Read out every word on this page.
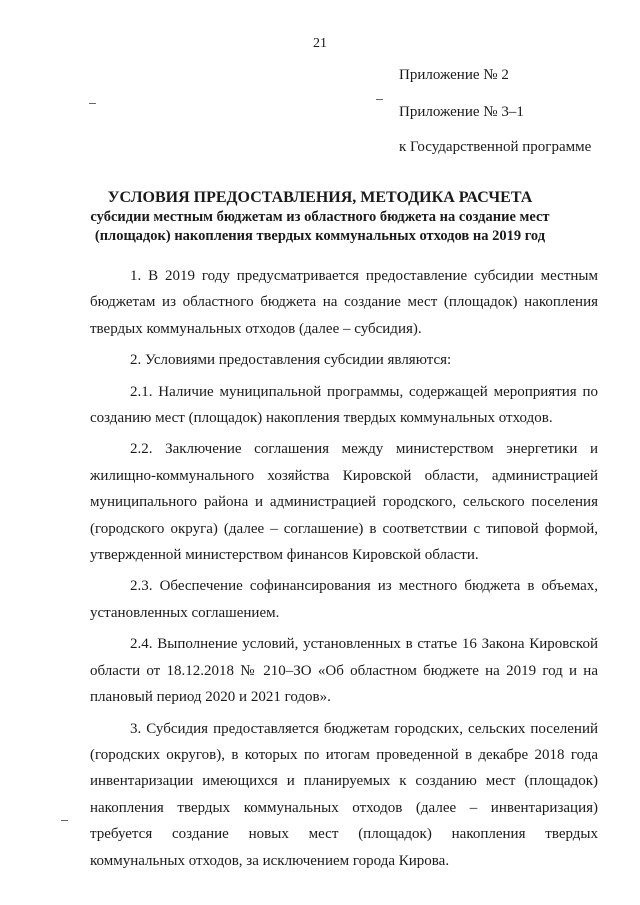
21
Приложение № 2
Приложение № 3–1
к Государственной программе
УСЛОВИЯ ПРЕДОСТАВЛЕНИЯ, МЕТОДИКА РАСЧЕТА
субсидии местным бюджетам из областного бюджета на создание мест
(площадок) накопления твердых коммунальных отходов на 2019 год

1. В 2019 году предусматривается предоставление субсидии местным бюджетам из областного бюджета на создание мест (площадок) накопления твердых коммунальных отходов (далее – субсидия).

2. Условиями предоставления субсидии являются:

2.1. Наличие муниципальной программы, содержащей мероприятия по созданию мест (площадок) накопления твердых коммунальных отходов.

2.2. Заключение соглашения между министерством энергетики и жилищно-коммунального хозяйства Кировской области, администрацией муниципального района и администрацией городского, сельского поселения (городского округа) (далее – соглашение) в соответствии с типовой формой, утвержденной министерством финансов Кировской области.

2.3. Обеспечение софинансирования из местного бюджета в объемах, установленных соглашением.

2.4. Выполнение условий, установленных в статье 16 Закона Кировской области от 18.12.2018 № 210–ЗО «Об областном бюджете на 2019 год и на плановый период 2020 и 2021 годов».

3. Субсидия предоставляется бюджетам городских, сельских поселений (городских округов), в которых по итогам проведенной в декабре 2018 года инвентаризации имеющихся и планируемых к созданию мест (площадок) накопления твердых коммунальных отходов (далее – инвентаризация) требуется создание новых мест (площадок) накопления твердых коммунальных отходов, за исключением города Кирова.
